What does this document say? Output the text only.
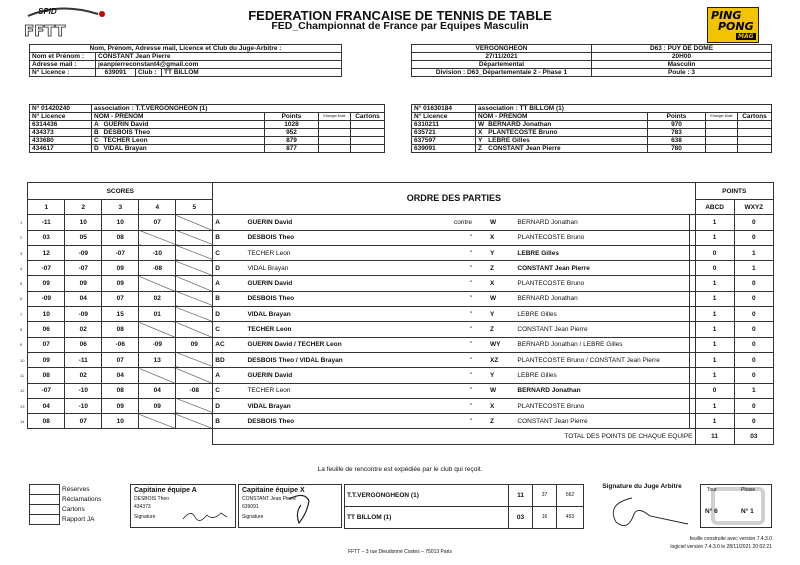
FFTT
SPID	FEDERATION FRANCAISE DE TENNIS DE TABLE
FED_Championnat de France par Equipes Masculin
PING
PONG
MAG
Nom, Prénom, Adresse mail, Licence et Club du Juge-Arbitre :			
Nom et Prénom :	CONSTANT Jean Pierre		
Adresse mail :	jeanpierreconstant4@gmail.com		
N° Licence :	639091	Club :	TT BILLOM
VERGONGHEON	D63 : PUY DE DOME
27/11/2021	20H00
Départemental	Masculin
Division : D63_Départementale 2 - Phase 1	Poule : 3
N° 01420240	association : T.T.VERGONGHEON (1)				
N° Licence	NOM - PRENOM		Points	Etranger Muté	Cartons
6314436	A	GUERIN David	1028		
434373	B	DESBOIS Theo	952		
433680	C	TECHER Leon	879		
434617	D	VIDAL Brayan	877		
N° 01630184	association : TT BILLOM (1)				
N° Licence	NOM - PRENOM		Points	Etranger Mutè	Cartons
6310211	W	BERNARD Jonathan	970		
635721	X	PLANTECOSTE Bruno	783		
637597	Y	LEBRE Gilles	638		
639091	Z	CONSTANT Jean Pierre	780		
	SCORES					ORDRE DES PARTIES							POINTS	
	1	2	3	4	5								ABCD	WXYZ
1	-11	10	10	07		A	GUERIN David	contre	W		BERNARD Jonathan		1	0
2	03	05	08			B	DESBOIS Theo	"	X		PLANTECOSTE Bruno		1	0
3	12	-09	-07	-10		C	TECHER Leon	"	Y		LEBRE Gilles		0	1
4	-07	-07	09	-08		D	VIDAL Brayan	"	Z		CONSTANT Jean Pierre		0	1
5	09	09	09			A	GUERIN David	"	X		PLANTECOSTE Bruno		1	0
6	-09	04	07	02		B	DESBOIS Theo	"	W		BERNARD Jonathan		1	0
7	10	-09	15	01		D	VIDAL Brayan	"	Y		LEBRE Gilles		1	0
8	06	02	08			C	TECHER Leon	"	Z		CONSTANT Jean Pierre		1	0
9	07	06	-06	-09	09	AC	GUERIN David / TECHER Leon	"	WY		BERNARD Jonathan / LEBRE Gilles		1	0
10	09	-11	07	13		BD	DESBOIS Theo / VIDAL Brayan	"	XZ		PLANTECOSTE Bruno / CONSTANT Jean Pierre		1	0
11	08	02	04			A	GUERIN David	"	Y		LEBRE Gilles		1	0
12	-07	-10	08	04	-08	C	TECHER Leon	"	W		BERNARD Jonathan		0	1
13	04	-10	09	09		D	VIDAL Brayan	"	X		PLANTECOSTE Bruno		1	0
14	08	07	10			B	DESBOIS Theo	"	Z		CONSTANT Jean Pierre		1	0
						TOTAL DES POINTS DE CHAQUE EQUIPE							11	03
La feuille de rencontre est expédiée par le club qui reçoit.
	Réserves
	Réclamations
	Cartons
	Rapport JA
Capitaine équipe A
DESBOIS Theo
434373
Signature
Capitaine équipe X
CONSTANT Jean Pierre
639091
Signature
T.T.VERGONGHEON (1)	11	37	562
TT BILLOM (1)	03	16	453
Signature du Juge Arbitre	Tour	Phase
N° 6	N° 1
feuille construite avec version 7.4.3.0
logiciel version 7.4.3.0 le 28/11/2021 20:02:21
FFTT – 3 rue Dieudonné Costes – 75013 Paris
